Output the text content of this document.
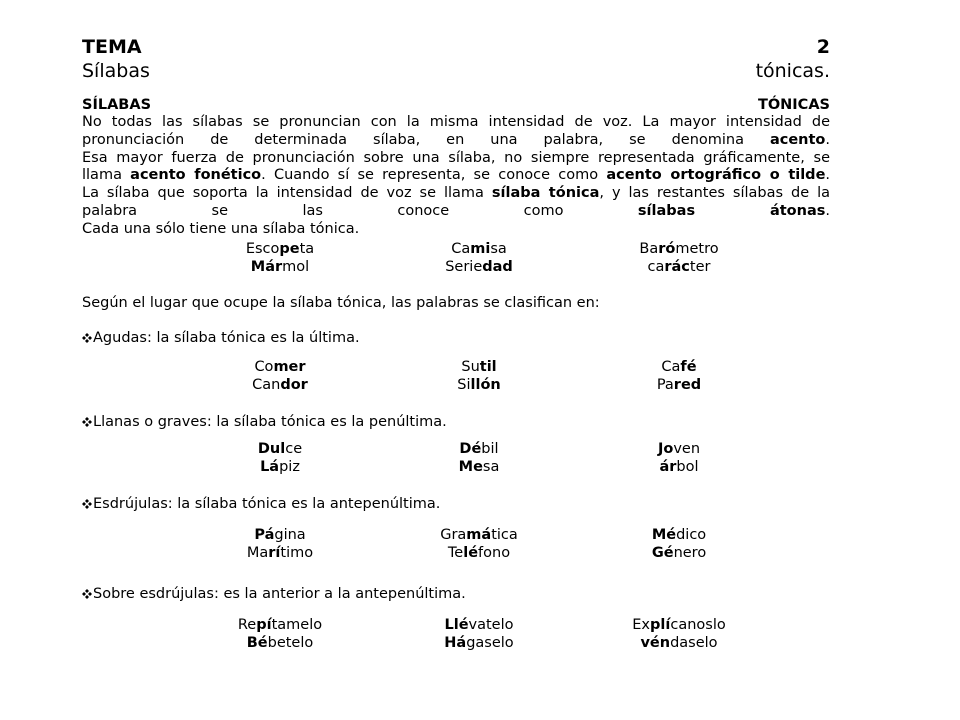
TEMA	2
Sílabas	tónicas.
SÍLABAS	TÓNICAS
No todas las sílabas se pronuncian con la misma intensidad de voz. La mayor intensidad de
pronunciación de determinada sílaba, en una palabra, se denomina acento.
Esa mayor fuerza de pronunciación sobre una sílaba, no siempre representada gráficamente, se
llama acento fonético. Cuando sí se representa, se conoce como acento ortográfico o tilde.
La sílaba que soporta la intensidad de voz se llama sílaba tónica, y las restantes sílabas de la
palabra se las conoce como sílabas átonas.
Cada una sólo tiene una sílaba tónica.
Escopeta	Camisa	Barómetro
Mármol	Seriedad	carácter
Según el lugar que ocupe la sílaba tónica, las palabras se clasifican en:
Agudas: la sílaba tónica es la última.
Comer	Sutil	Café
Candor	Sillón	Pared
Llanas o graves: la sílaba tónica es la penúltima.
Dulce	Débil	Joven
Lápiz	Mesa	árbol
Esdrújulas: la sílaba tónica es la antepenúltima.
Página	Gramática	Médico
Marítimo	Teléfono	Género
Sobre esdrújulas: es la anterior a la antepenúltima.
Repítamelo	Llévatelo	Explícanoslo
Bébetelo	Hágaselo	véndaselo
